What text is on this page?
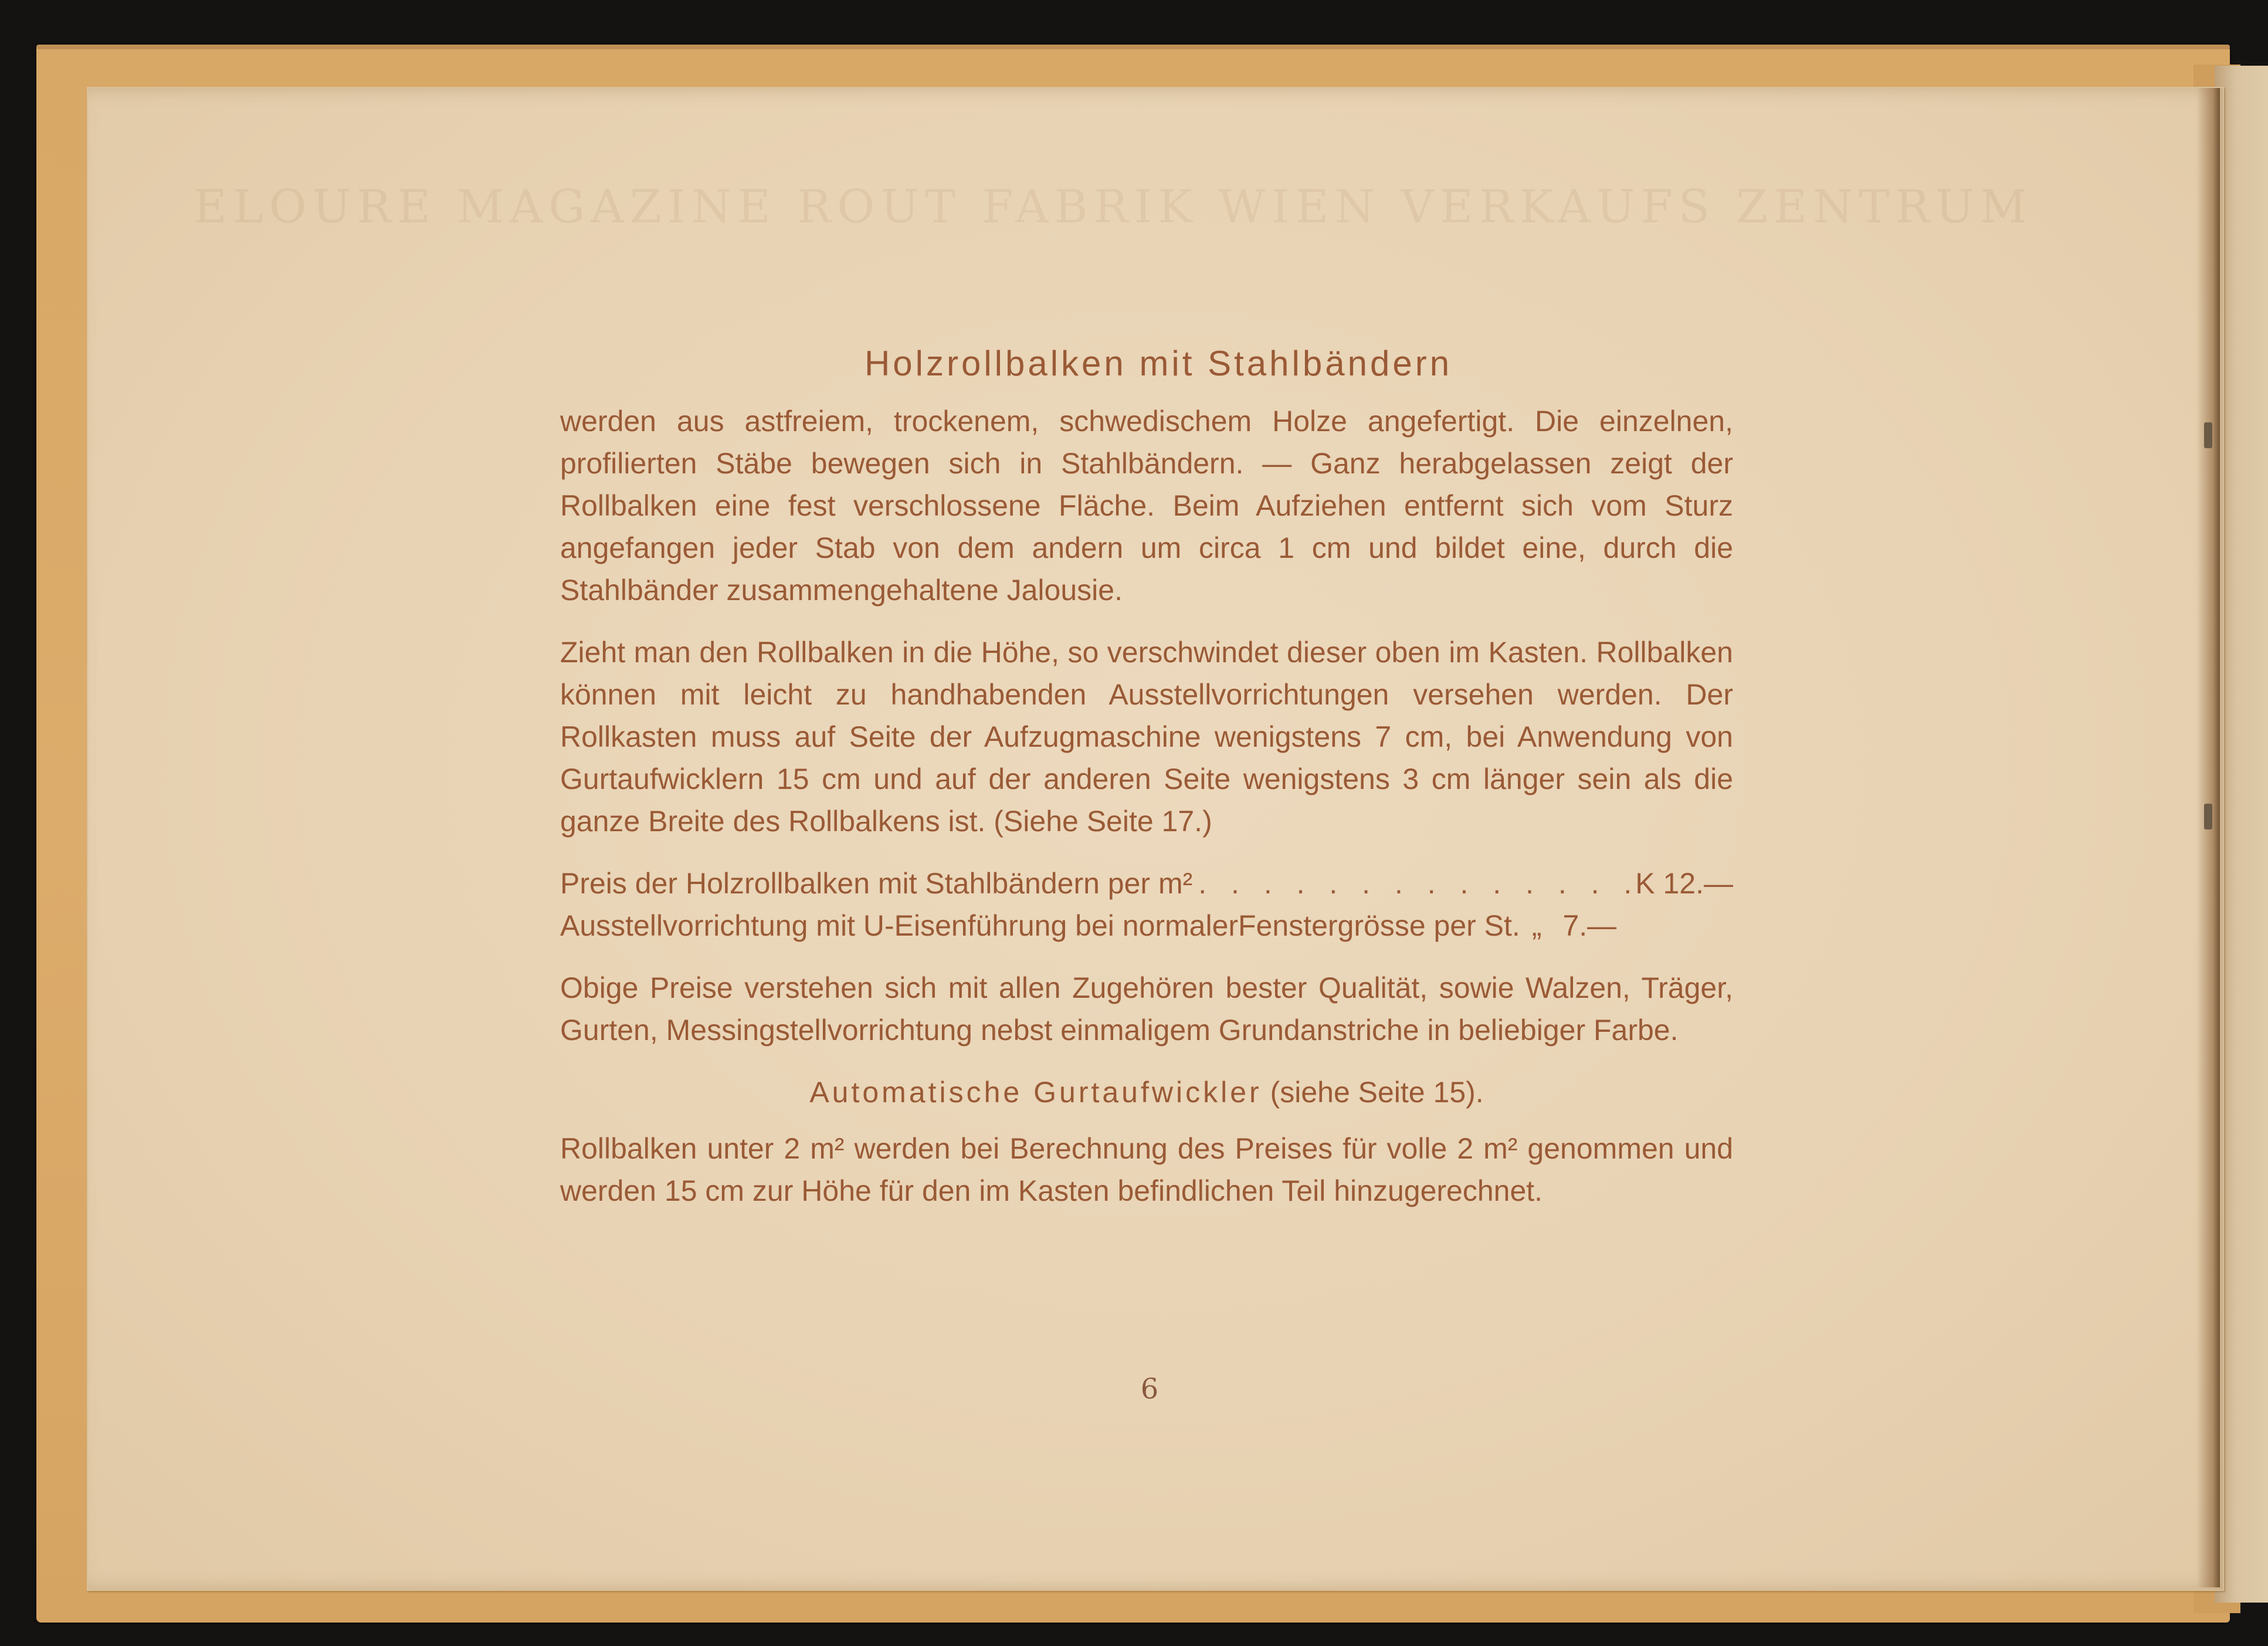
ELOURE MAGAZINE ROUT FABRIK WIEN VERKAUFS ZENTRUM
Holzrollbalken mit Stahlbändern

werden aus astfreiem, trockenem, schwedischem Holze angefertigt. Die einzelnen, profilierten Stäbe bewegen sich in Stahlbändern. — Ganz herabgelassen zeigt der Rollbalken eine fest verschlossene Fläche. Beim Aufziehen entfernt sich vom Sturz angefangen jeder Stab von dem andern um circa 1 cm und bildet eine, durch die Stahlbänder zusammengehaltene Jalousie.

Zieht man den Rollbalken in die Höhe, so verschwindet dieser oben im Kasten. Rollbalken können mit leicht zu handhabenden Ausstellvorrichtungen versehen werden. Der Rollkasten muss auf Seite der Aufzugmaschine wenigstens 7 cm, bei Anwendung von Gurtaufwicklern 15 cm und auf der anderen Seite wenigstens 3 cm länger sein als die ganze Breite des Rollbalkens ist. (Siehe Seite 17.)

Preis der Holzrollbalken mit Stahlbändern per m²
. . .	K 12.—
Ausstellvorrichtung mit U-Eisenführung bei normalerFenstergrösse per St. „ 7.—

Obige Preise verstehen sich mit allen Zugehören bester Qualität, sowie Walzen, Träger, Gurten, Messingstellvorrichtung nebst einmaligem Grundanstriche in beliebiger Farbe.

Automatische Gurtaufwickler (siehe Seite 15).

Rollbalken unter 2 m² werden bei Berechnung des Preises für volle 2 m² genommen und werden 15 cm zur Höhe für den im Kasten befindlichen Teil hinzugerechnet.

6
